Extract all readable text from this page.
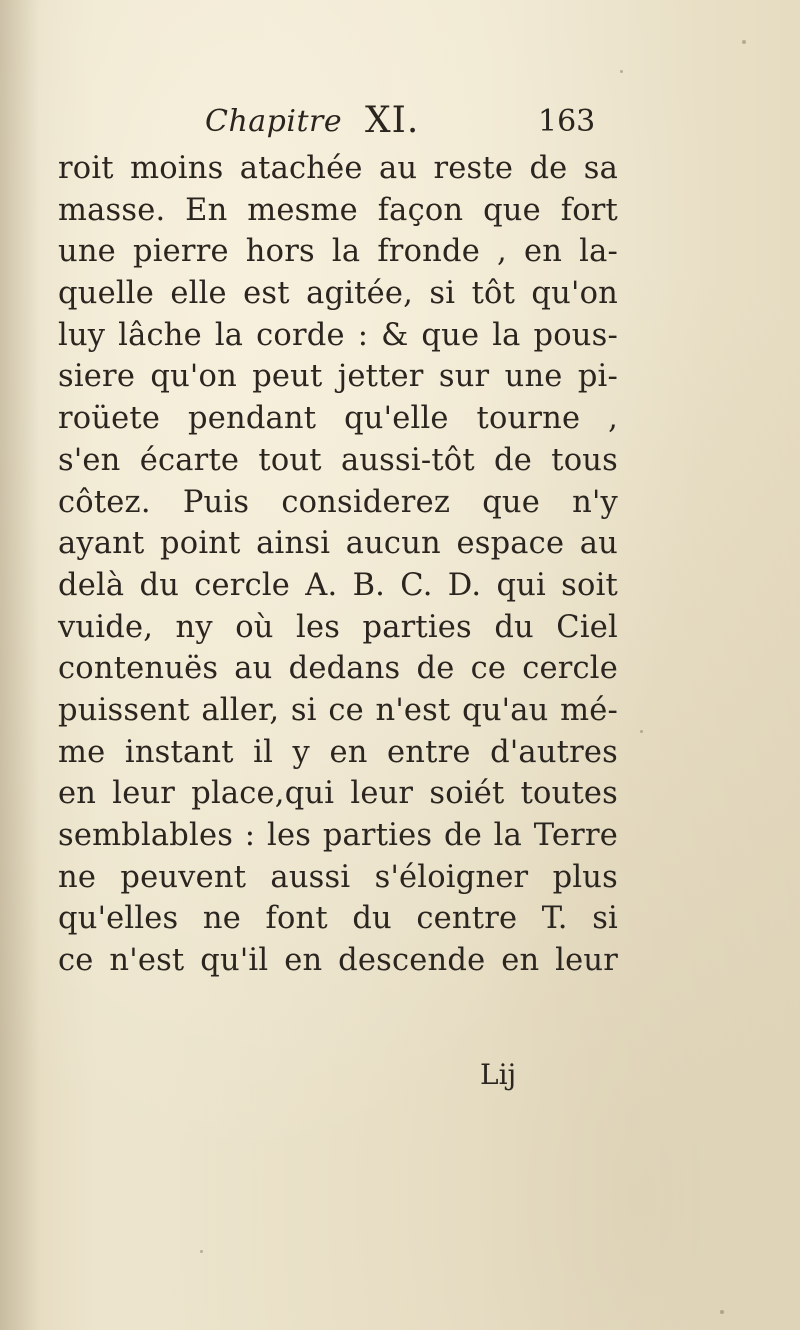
Chapitre XI.	163
roit moins atachée au reste de sa
masse. En mesme façon que fort
une pierre hors la fronde , en la-
quelle elle est agitée, si tôt qu'on
luy lâche la corde : & que la pous-
siere qu'on peut jetter sur une pi-
roüete pendant qu'elle tourne ,
s'en écarte tout aussi-tôt de tous
côtez. Puis considerez que n'y
ayant point ainsi aucun espace au
delà du cercle A. B. C. D. qui soit
vuide, ny où les parties du Ciel
contenuës au dedans de ce cercle
puissent aller, si ce n'est qu'au mé-
me instant il y en entre d'autres
en leur place,qui leur soiét toutes
semblables : les parties de la Terre
ne peuvent aussi s'éloigner plus
qu'elles ne font du centre T. si
ce n'est qu'il en descende en leur
Lij
